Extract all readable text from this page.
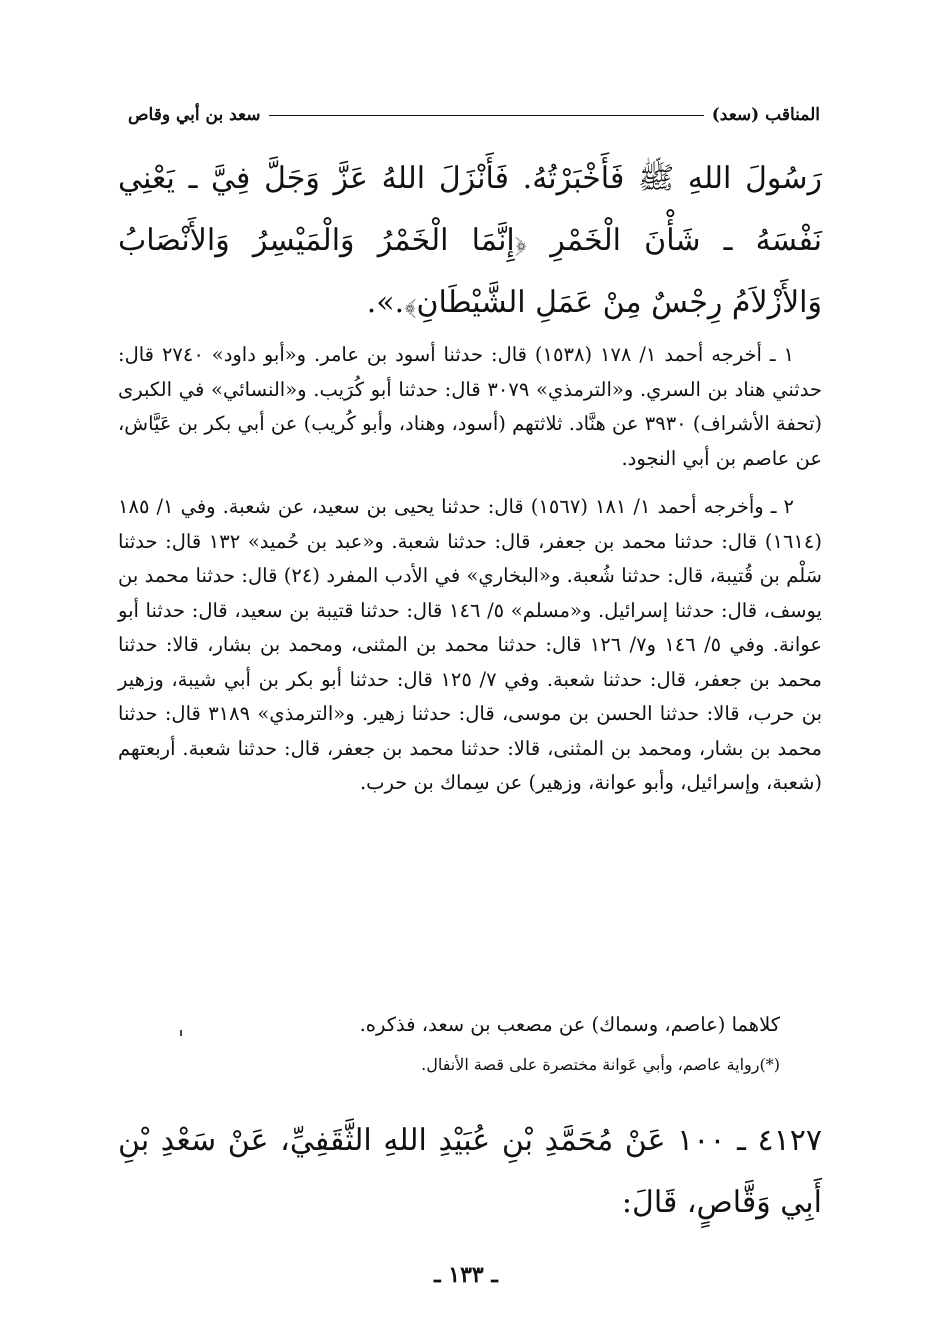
المناقب (سعد)
سعد بن أبي وقاص

رَسُولَ اللهِ ﷺ فَأَخْبَرْتُهُ. فَأَنْزَلَ اللهُ عَزَّ وَجَلَّ فِيَّ ـ يَعْنِي نَفْسَهُ ـ شَأْنَ الْخَمْرِ ﴿إِنَّمَا الْخَمْرُ وَالْمَيْسِرُ وَالأَنْصَابُ وَالأَزْلاَمُ رِجْسٌ مِنْ عَمَلِ الشَّيْطَانِ﴾.».

١ ـ أخرجه أحمد ١/ ١٧٨ (١٥٣٨) قال: حدثنا أسود بن عامر. و«أبو داود» ٢٧٤٠ قال: حدثني هناد بن السري. و«الترمذي» ٣٠٧٩ قال: حدثنا أبو كُرَيب. و«النسائي» في الكبرى (تحفة الأشراف) ٣٩٣٠ عن هنَّاد. ثلاثتهم (أسود، وهناد، وأبو كُريب) عن أبي بكر بن عَيَّاش، عن عاصم بن أبي النجود.

٢ ـ وأخرجه أحمد ١/ ١٨١ (١٥٦٧) قال: حدثنا يحيى بن سعيد، عن شعبة. وفي ١/ ١٨٥ (١٦١٤) قال: حدثنا محمد بن جعفر، قال: حدثنا شعبة. و«عبد بن حُميد» ١٣٢ قال: حدثنا سَلْم بن قُتيبة، قال: حدثنا شُعبة. و«البخاري» في الأدب المفرد (٢٤) قال: حدثنا محمد بن يوسف، قال: حدثنا إسرائيل. و«مسلم» ٥/ ١٤٦ قال: حدثنا قتيبة بن سعيد، قال: حدثنا أبو عوانة. وفي ٥/ ١٤٦ و٧/ ١٢٦ قال: حدثنا محمد بن المثنى، ومحمد بن بشار، قالا: حدثنا محمد بن جعفر، قال: حدثنا شعبة. وفي ٧/ ١٢٥ قال: حدثنا أبو بكر بن أبي شيبة، وزهير بن حرب، قالا: حدثنا الحسن بن موسى، قال: حدثنا زهير. و«الترمذي» ٣١٨٩ قال: حدثنا محمد بن بشار، ومحمد بن المثنى، قالا: حدثنا محمد بن جعفر، قال: حدثنا شعبة. أربعتهم (شعبة، وإسرائيل، وأبو عوانة، وزهير) عن سِماك بن حرب.

كلاهما (عاصم، وسماك) عن مصعب بن سعد، فذكره.

(*)رواية عاصم، وأبي عَوانة مختصرة على قصة الأنفال.

٤١٢٧ ـ ١٠٠ عَنْ مُحَمَّدِ بْنِ عُبَيْدِ اللهِ الثَّقَفِيِّ، عَنْ سَعْدِ بْنِ أَبِي وَقَّاصٍ، قَالَ:

ـ ١٣٣ ـ
